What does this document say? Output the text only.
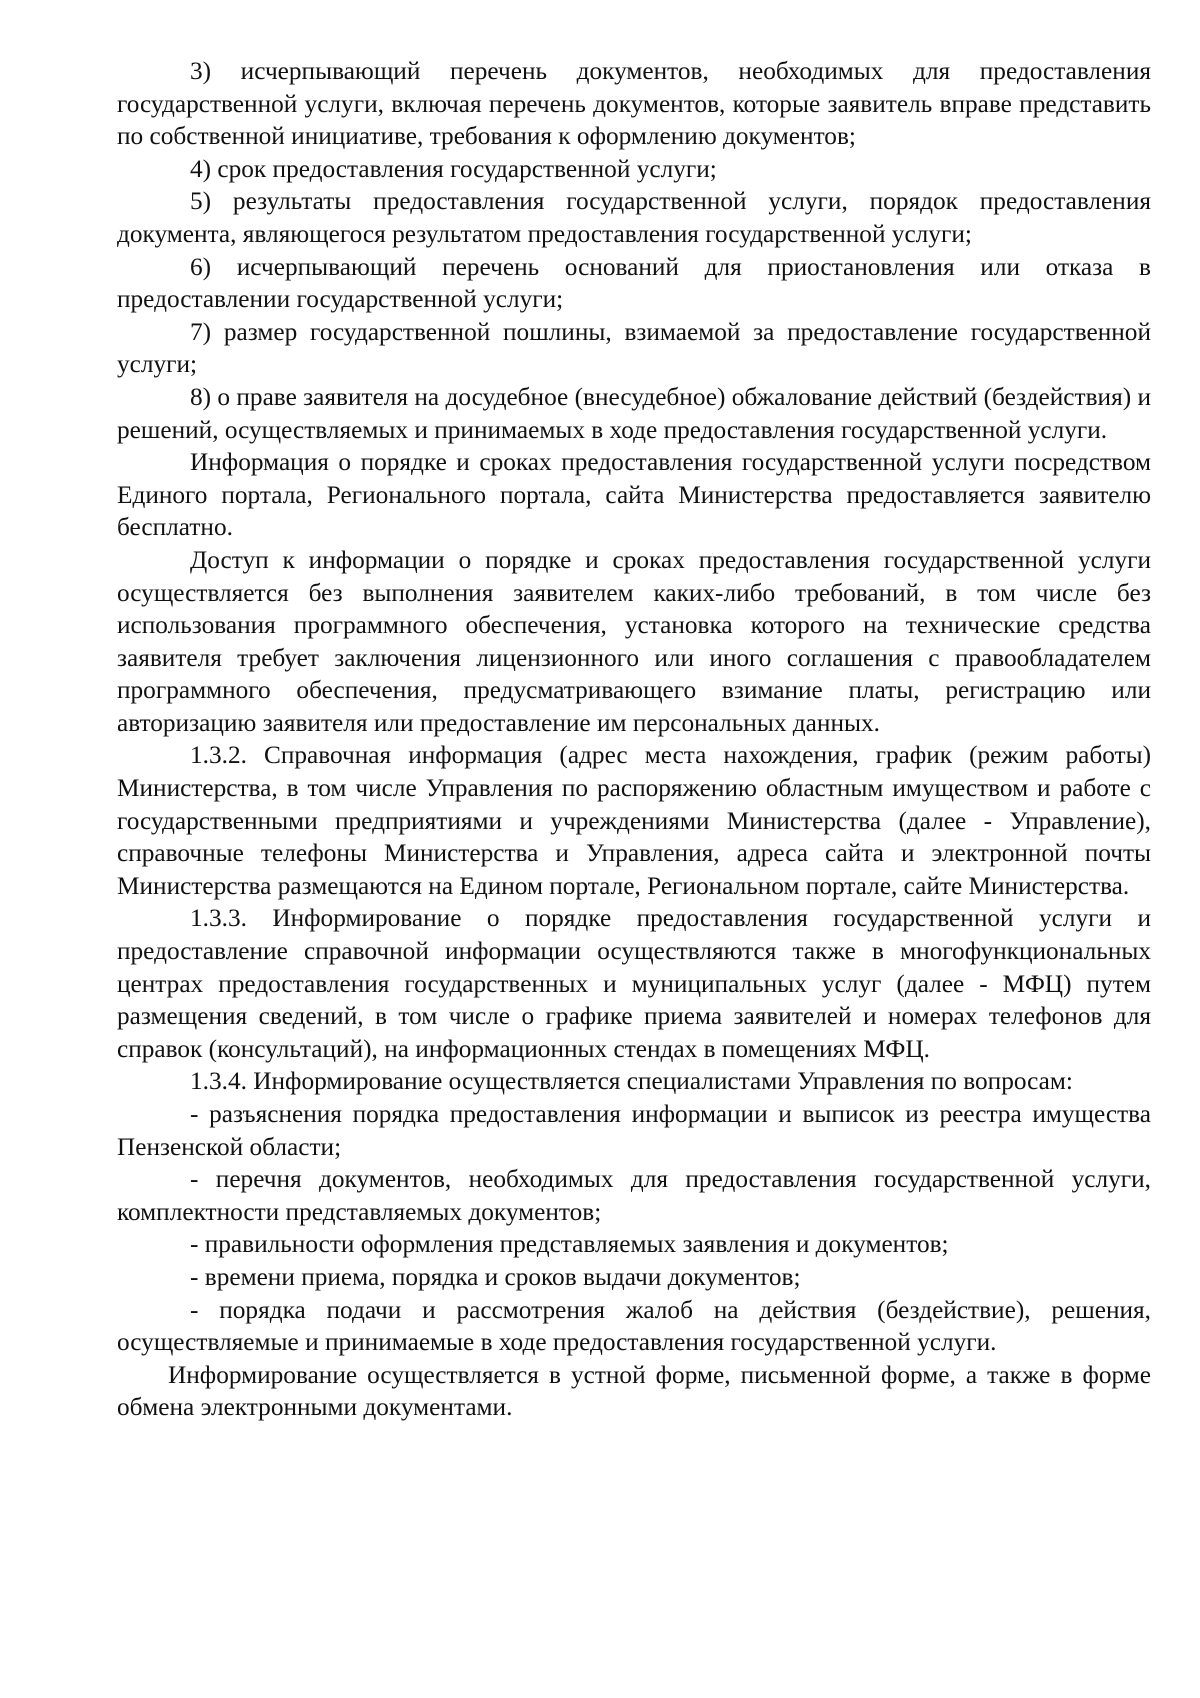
3) исчерпывающий перечень документов, необходимых для предоставления государственной услуги, включая перечень документов, которые заявитель вправе представить по собственной инициативе, требования к оформлению документов;

4) срок предоставления государственной услуги;

5) результаты предоставления государственной услуги, порядок предоставления документа, являющегося результатом предоставления государственной услуги;

6) исчерпывающий перечень оснований для приостановления или отказа в предоставлении государственной услуги;

7) размер государственной пошлины, взимаемой за предоставление государственной услуги;

8) о праве заявителя на досудебное (внесудебное) обжалование действий (бездействия) и решений, осуществляемых и принимаемых в ходе предоставления государственной услуги.

Информация о порядке и сроках предоставления государственной услуги посредством Единого портала, Регионального портала, сайта Министерства предоставляется заявителю бесплатно.

Доступ к информации о порядке и сроках предоставления государственной услуги осуществляется без выполнения заявителем каких-либо требований, в том числе без использования программного обеспечения, установка которого на технические средства заявителя требует заключения лицензионного или иного соглашения с правообладателем программного обеспечения, предусматривающего взимание платы, регистрацию или авторизацию заявителя или предоставление им персональных данных.

1.3.2. Справочная информация (адрес места нахождения, график (режим работы) Министерства, в том числе Управления по распоряжению областным имуществом и работе с государственными предприятиями и учреждениями Министерства (далее - Управление), справочные телефоны Министерства и Управления, адреса сайта и электронной почты Министерства размещаются на Едином портале, Региональном портале, сайте Министерства.

1.3.3. Информирование о порядке предоставления государственной услуги и предоставление справочной информации осуществляются также в многофункциональных центрах предоставления государственных и муниципальных услуг (далее - МФЦ) путем размещения сведений, в том числе о графике приема заявителей и номерах телефонов для справок (консультаций), на информационных стендах в помещениях МФЦ.

1.3.4. Информирование осуществляется специалистами Управления по вопросам:

- разъяснения порядка предоставления информации и выписок из реестра имущества Пензенской области;

- перечня документов, необходимых для предоставления государственной услуги, комплектности представляемых документов;

- правильности оформления представляемых заявления и документов;

- времени приема, порядка и сроков выдачи документов;

- порядка подачи и рассмотрения жалоб на действия (бездействие), решения, осуществляемые и принимаемые в ходе предоставления государственной услуги.

Информирование осуществляется в устной форме, письменной форме, а также в форме обмена электронными документами.
